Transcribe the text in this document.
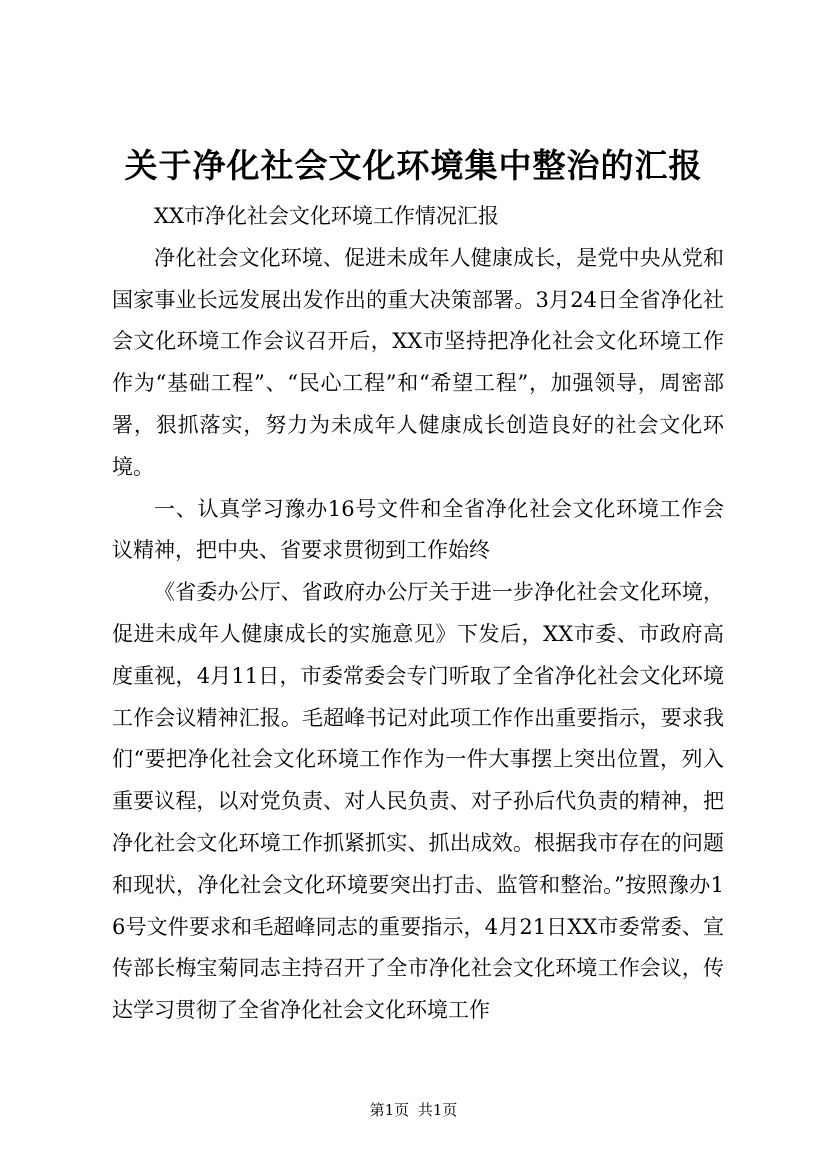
关于净化社会文化环境集中整治的汇报

XX市净化社会文化环境工作情况汇报

净化社会文化环境、促进未成年人健康成长，是党中央从党和国家事业长远发展出发作出的重大决策部署。3月24日全省净化社会文化环境工作会议召开后，XX市坚持把净化社会文化环境工作作为“基础工程”、“民心工程”和“希望工程”，加强领导，周密部署，狠抓落实，努力为未成年人健康成长创造良好的社会文化环境。

一、认真学习豫办16号文件和全省净化社会文化环境工作会议精神，把中央、省要求贯彻到工作始终

《省委办公厅、省政府办公厅关于进一步净化社会文化环境，促进未成年人健康成长的实施意见》下发后，XX市委、市政府高度重视，4月11日，市委常委会专门听取了全省净化社会文化环境工作会议精神汇报。毛超峰书记对此项工作作出重要指示，要求我们“要把净化社会文化环境工作作为一件大事摆上突出位置，列入重要议程，以对党负责、对人民负责、对子孙后代负责的精神，把净化社会文化环境工作抓紧抓实、抓出成效。根据我市存在的问题和现状，净化社会文化环境要突出打击、监管和整治。”按照豫办16号文件要求和毛超峰同志的重要指示，4月21日XX市委常委、宣传部长梅宝菊同志主持召开了全市净化社会文化环境工作会议，传达学习贯彻了全省净化社会文化环境工作

第1页 共1页
